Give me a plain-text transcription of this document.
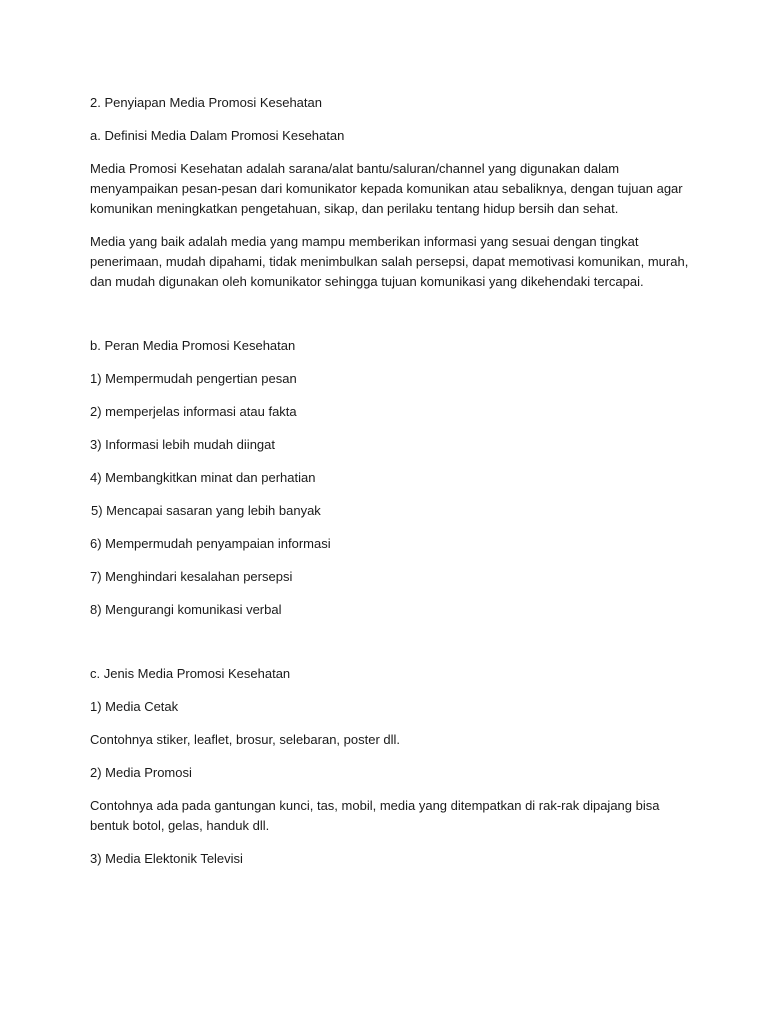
2. Penyiapan Media Promosi Kesehatan

a. Definisi Media Dalam Promosi Kesehatan

Media Promosi Kesehatan adalah sarana/alat bantu/saluran/channel yang digunakan dalam
menyampaikan pesan-pesan dari komunikator kepada komunikan atau sebaliknya, dengan tujuan agar
komunikan meningkatkan pengetahuan, sikap, dan perilaku tentang hidup bersih dan sehat.

Media yang baik adalah media yang mampu memberikan informasi yang sesuai dengan tingkat
penerimaan, mudah dipahami, tidak menimbulkan salah persepsi, dapat memotivasi komunikan, murah,
dan mudah digunakan oleh komunikator sehingga tujuan komunikasi yang dikehendaki tercapai.

b. Peran Media Promosi Kesehatan

1) Mempermudah pengertian pesan

2) memperjelas informasi atau fakta

3) Informasi lebih mudah diingat

4) Membangkitkan minat dan perhatian

5) Mencapai sasaran yang lebih banyak

6) Mempermudah penyampaian informasi

7) Menghindari kesalahan persepsi

8) Mengurangi komunikasi verbal

c. Jenis Media Promosi Kesehatan

1) Media Cetak

Contohnya stiker, leaflet, brosur, selebaran, poster dll.

2) Media Promosi

Contohnya ada pada gantungan kunci, tas, mobil, media yang ditempatkan di rak-rak dipajang bisa
bentuk botol, gelas, handuk dll.

3) Media Elektonik Televisi
